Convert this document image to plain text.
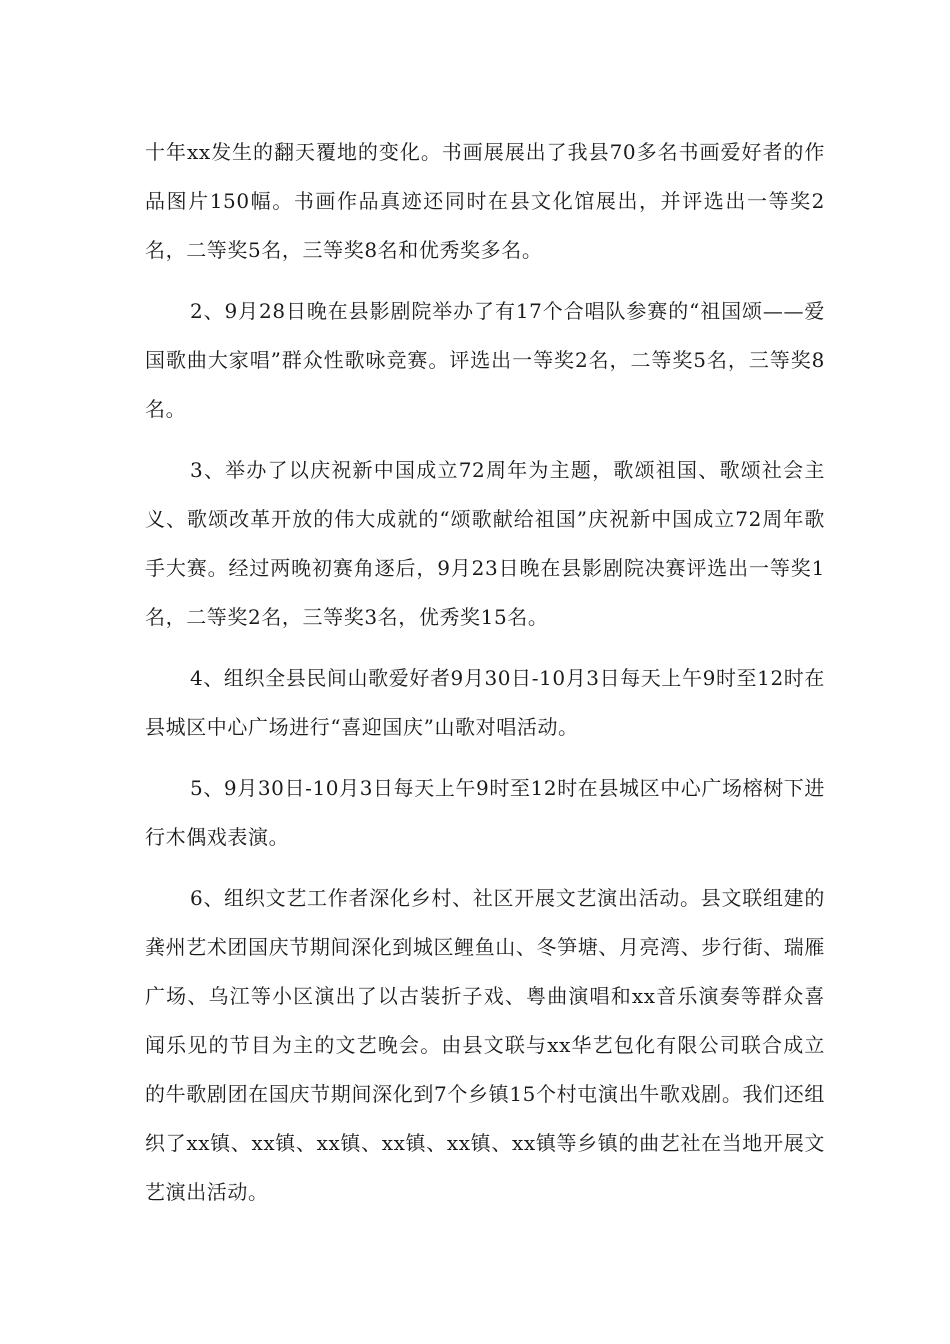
十年xx发生的翻天覆地的变化。书画展展出了我县70多名书画爱好者的作品图片150幅。书画作品真迹还同时在县文化馆展出，并评选出一等奖2名，二等奖5名，三等奖8名和优秀奖多名。

2、9月28日晚在县影剧院举办了有17个合唱队参赛的“祖国颂——爱国歌曲大家唱”群众性歌咏竞赛。评选出一等奖2名，二等奖5名，三等奖8名。

3、举办了以庆祝新中国成立72周年为主题，歌颂祖国、歌颂社会主义、歌颂改革开放的伟大成就的“颂歌献给祖国”庆祝新中国成立72周年歌手大赛。经过两晚初赛角逐后，9月23日晚在县影剧院决赛评选出一等奖1名，二等奖2名，三等奖3名，优秀奖15名。

4、组织全县民间山歌爱好者9月30日-10月3日每天上午9时至12时在县城区中心广场进行“喜迎国庆”山歌对唱活动。

5、9月30日-10月3日每天上午9时至12时在县城区中心广场榕树下进行木偶戏表演。

6、组织文艺工作者深化乡村、社区开展文艺演出活动。县文联组建的龚州艺术团国庆节期间深化到城区鲤鱼山、冬笋塘、月亮湾、步行街、瑞雁广场、乌江等小区演出了以古装折子戏、粤曲演唱和xx音乐演奏等群众喜闻乐见的节目为主的文艺晚会。由县文联与xx华艺包化有限公司联合成立的牛歌剧团在国庆节期间深化到7个乡镇15个村屯演出牛歌戏剧。我们还组织了xx镇、xx镇、xx镇、xx镇、xx镇、xx镇等乡镇的曲艺社在当地开展文艺演出活动。
